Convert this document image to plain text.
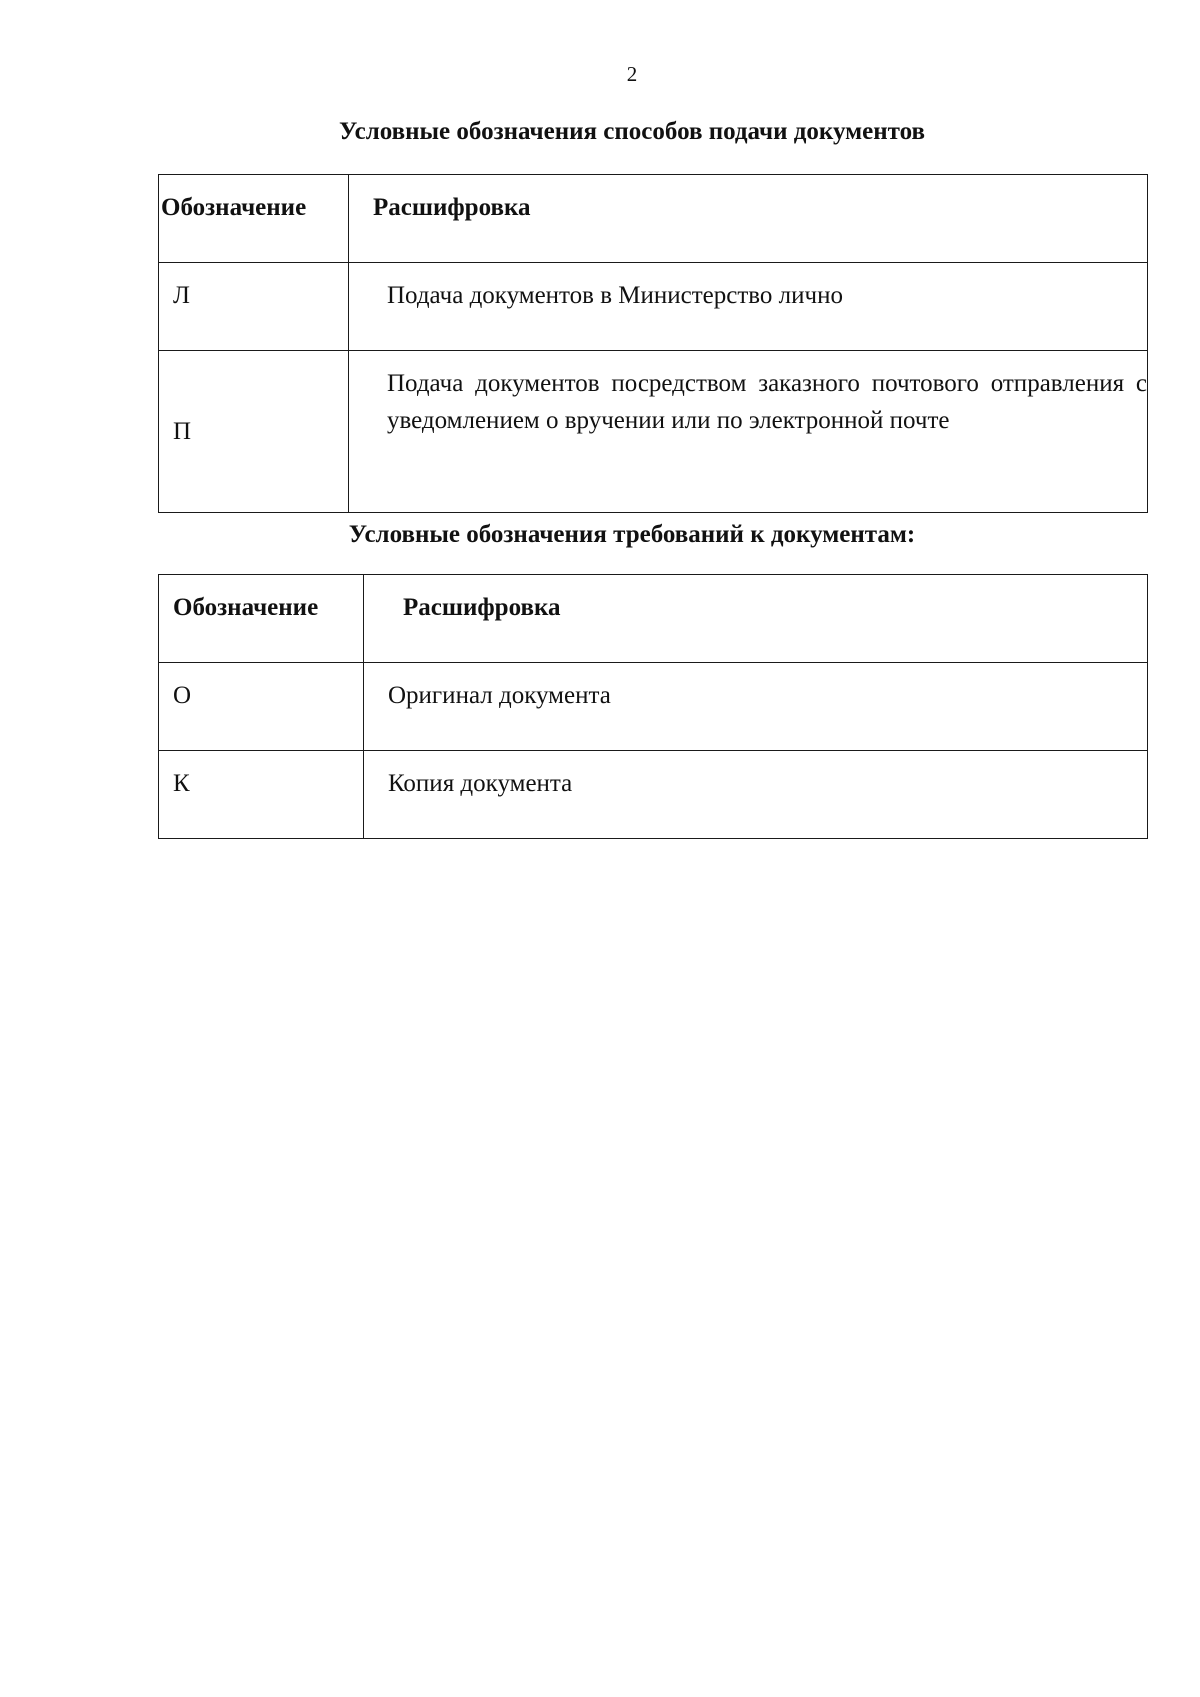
2
Условные обозначения способов подачи документов
Обозначение	Расшифровка
Л	Подача документов в Министерство лично
П	Подача документов посредством заказного почтового отправления с уведомлением о вручении или по электронной почте
Условные обозначения требований к документам:
Обозначение	Расшифровка
О	Оригинал документа
К	Копия документа
